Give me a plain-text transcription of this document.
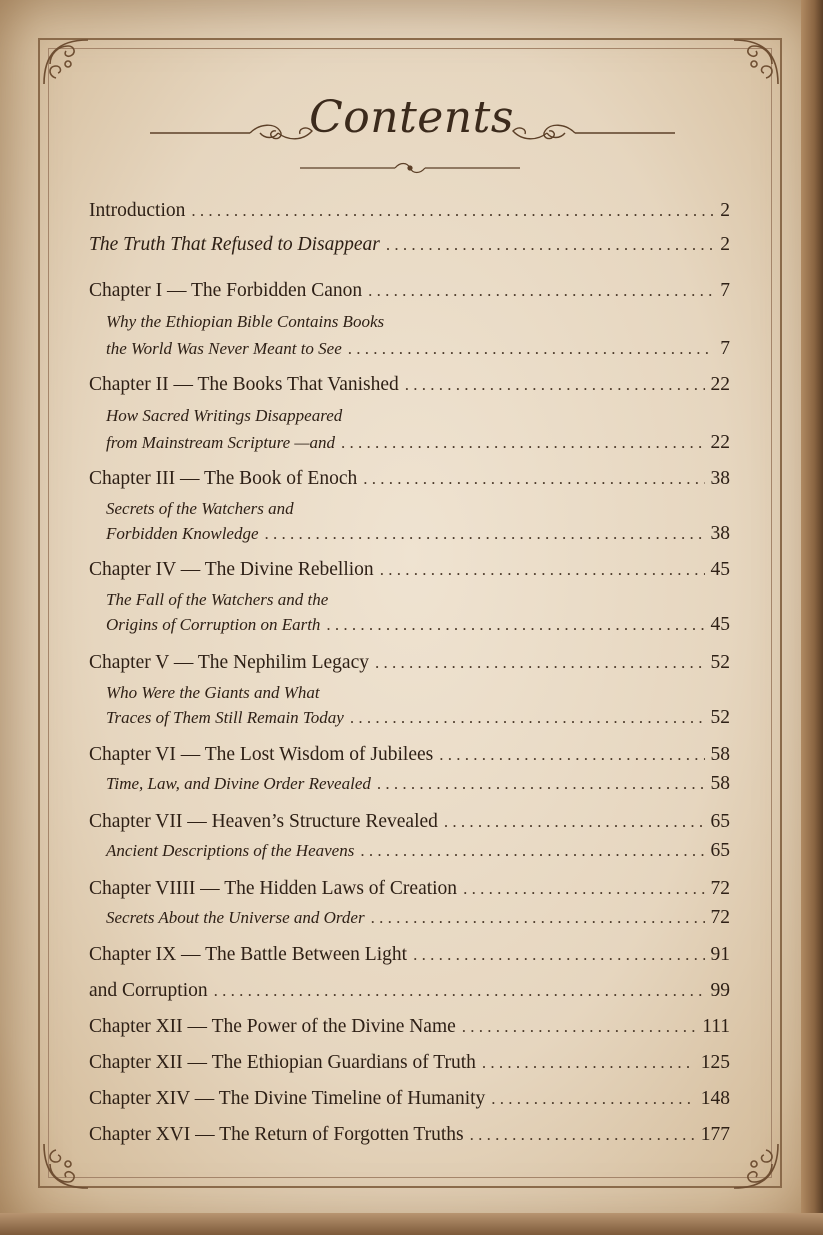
Contents
Introduction . . .	2
The Truth That Refused to Disappear . . .	2
Chapter I — The Forbidden Canon . . .	7
Why the Ethiopian Bible Contains Books
the World Was Never Meant to See . . .	7
Chapter II — The Books That Vanished . . .	22
How Sacred Writings Disappeared
from Mainstream Scripture —and . . .	22
Chapter III — The Book of Enoch . . .	38
Secrets of the Watchers and
Forbidden Knowledge . . .	38
Chapter IV — The Divine Rebellion . . .	45
The Fall of the Watchers and the
Origins of Corruption on Earth . . .	45
Chapter V — The Nephilim Legacy . . .	52
Who Were the Giants and What
Traces of Them Still Remain Today . . .	52
Chapter VI — The Lost Wisdom of Jubilees . . .	58
Time, Law, and Divine Order Revealed . . .	58
Chapter VII — Heaven’s Structure Revealed . . .	65
Ancient Descriptions of the Heavens . . .	65
Chapter VIIII — The Hidden Laws of Creation . . .	72
Secrets About the Universe and Order . . .	72
Chapter IX — The Battle Between Light . . .	91
and Corruption . . .	99
Chapter XII — The Power of the Divine Name . . .	111
Chapter XII — The Ethiopian Guardians of Truth . . .	125
Chapter XIV — The Divine Timeline of Humanity . . .	148
Chapter XVI — The Return of Forgotten Truths . . .	177
